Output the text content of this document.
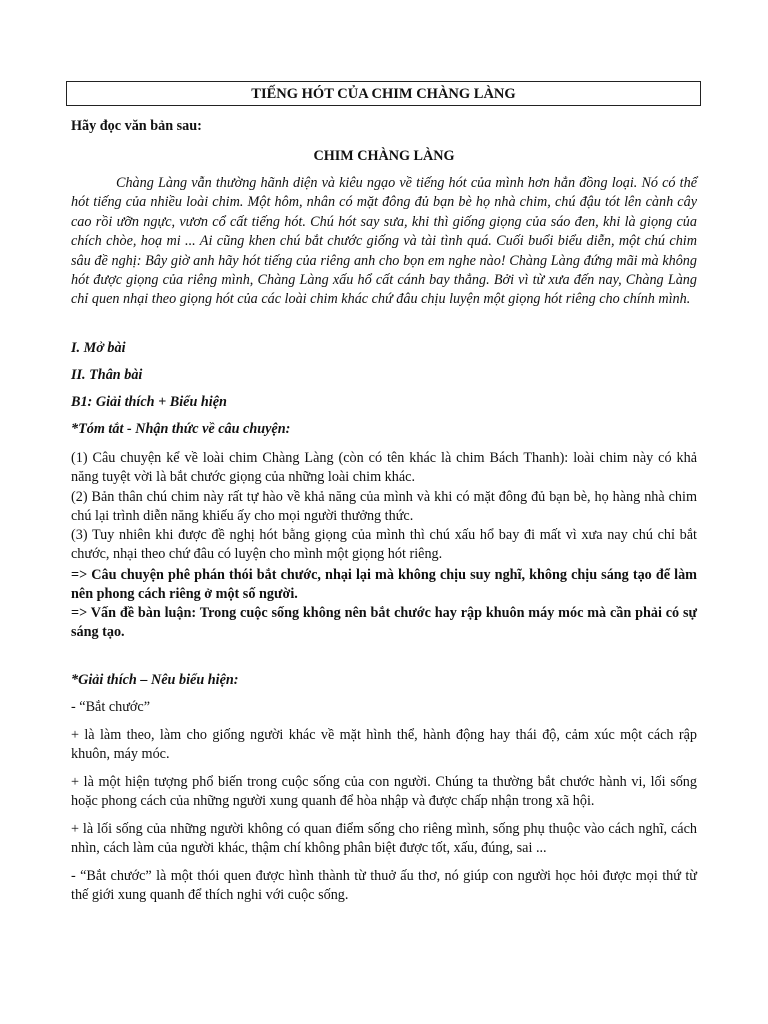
TIẾNG HÓT CỦA CHIM CHÀNG LÀNG

Hãy đọc văn bản sau:

CHIM CHÀNG LÀNG

Chàng Làng vẫn thường hãnh diện và kiêu ngạo về tiếng hót của mình hơn hẳn đồng loại. Nó có thể hót tiếng của nhiều loài chim. Một hôm, nhân có mặt đông đủ bạn bè họ nhà chim, chú đậu tót lên cành cây cao rồi ưỡn ngực, vươn cổ cất tiếng hót. Chú hót say sưa, khi thì giống giọng của sáo đen, khi là giọng của chích chòe, hoạ mi ... Ai cũng khen chú bắt chước giống và tài tình quá. Cuối buổi biểu diễn, một chú chim sâu đề nghị: Bây giờ anh hãy hót tiếng của riêng anh cho bọn em nghe nào! Chàng Làng đứng mãi mà không hót được giọng của riêng mình, Chàng Làng xấu hổ cất cánh bay thẳng. Bởi vì từ xưa đến nay, Chàng Làng chỉ quen nhại theo giọng hót của các loài chim khác chứ đâu chịu luyện một giọng hót riêng cho chính mình.

I. Mở bài

II. Thân bài

B1: Giải thích + Biểu hiện

*Tóm tắt - Nhận thức về câu chuyện:

(1) Câu chuyện kể về loài chim Chàng Làng (còn có tên khác là chim Bách Thanh): loài chim này có khả năng tuyệt vời là bắt chước giọng của những loài chim khác.

(2) Bản thân chú chim này rất tự hào về khả năng của mình và khi có mặt đông đủ bạn bè, họ hàng nhà chim chú lại trình diễn năng khiếu ấy cho mọi người thưởng thức.

(3) Tuy nhiên khi được đề nghị hót bằng giọng của mình thì chú xấu hổ bay đi mất vì xưa nay chú chỉ bắt chước, nhại theo chứ đâu có luyện cho mình một giọng hót riêng.

=> Câu chuyện phê phán thói bắt chước, nhại lại mà không chịu suy nghĩ, không chịu sáng tạo để làm nên phong cách riêng ở một số người.

=> Vấn đề bàn luận: Trong cuộc sống không nên bắt chước hay rập khuôn máy móc mà cần phải có sự sáng tạo.

*Giải thích – Nêu biểu hiện:

- “Bắt chước”

+ là làm theo, làm cho giống người khác về mặt hình thể, hành động hay thái độ, cảm xúc một cách rập khuôn, máy móc.

+ là một hiện tượng phổ biến trong cuộc sống của con người. Chúng ta thường bắt chước hành vi, lối sống hoặc phong cách của những người xung quanh để hòa nhập và được chấp nhận trong xã hội.

+ là lối sống của những người không có quan điểm sống cho riêng mình, sống phụ thuộc vào cách nghĩ, cách nhìn, cách làm của người khác, thậm chí không phân biệt được tốt, xấu, đúng, sai ...

- “Bắt chước” là một thói quen được hình thành từ thuở ấu thơ, nó giúp con người học hỏi được mọi thứ từ thế giới xung quanh để thích nghi với cuộc sống.
